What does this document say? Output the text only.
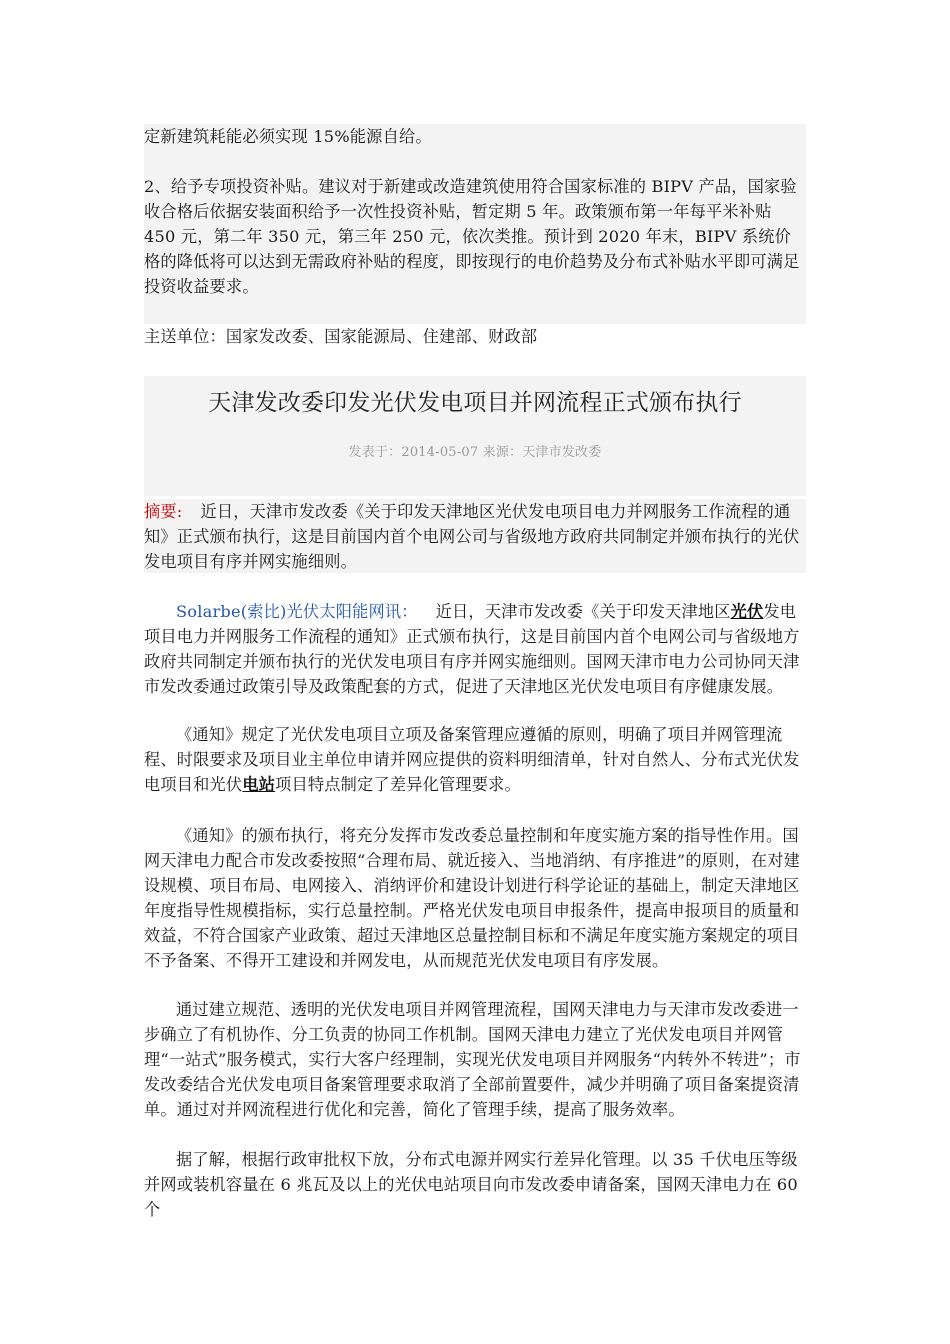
定新建筑耗能必须实现 15%能源自给。

2、给予专项投资补贴。建议对于新建或改造建筑使用符合国家标准的 BIPV 产品，国家验收合格后依据安装面积给予一次性投资补贴，暂定期 5 年。政策颁布第一年每平米补贴 450 元，第二年 350 元，第三年 250 元，依次类推。预计到 2020 年末，BIPV 系统价格的降低将可以达到无需政府补贴的程度，即按现行的电价趋势及分布式补贴水平即可满足投资收益要求。

主送单位：国家发改委、国家能源局、住建部、财政部

天津发改委印发光伏发电项目并网流程正式颁布执行
发表于：2014-05-07 来源：天津市发改委

摘要: 近日，天津市发改委《关于印发天津地区光伏发电项目电力并网服务工作流程的通知》正式颁布执行，这是目前国内首个电网公司与省级地方政府共同制定并颁布执行的光伏发电项目有序并网实施细则。

Solarbe(索比)光伏太阳能网讯： 近日，天津市发改委《关于印发天津地区光伏发电项目电力并网服务工作流程的通知》正式颁布执行，这是目前国内首个电网公司与省级地方政府共同制定并颁布执行的光伏发电项目有序并网实施细则。国网天津市电力公司协同天津市发改委通过政策引导及政策配套的方式，促进了天津地区光伏发电项目有序健康发展。

《通知》规定了光伏发电项目立项及备案管理应遵循的原则，明确了项目并网管理流程、时限要求及项目业主单位申请并网应提供的资料明细清单，针对自然人、分布式光伏发电项目和光伏电站项目特点制定了差异化管理要求。

《通知》的颁布执行，将充分发挥市发改委总量控制和年度实施方案的指导性作用。国网天津电力配合市发改委按照“合理布局、就近接入、当地消纳、有序推进”的原则，在对建设规模、项目布局、电网接入、消纳评价和建设计划进行科学论证的基础上，制定天津地区年度指导性规模指标，实行总量控制。严格光伏发电项目申报条件，提高申报项目的质量和效益，不符合国家产业政策、超过天津地区总量控制目标和不满足年度实施方案规定的项目不予备案、不得开工建设和并网发电，从而规范光伏发电项目有序发展。

通过建立规范、透明的光伏发电项目并网管理流程，国网天津电力与天津市发改委进一步确立了有机协作、分工负责的协同工作机制。国网天津电力建立了光伏发电项目并网管理“一站式”服务模式，实行大客户经理制，实现光伏发电项目并网服务“内转外不转进”；市发改委结合光伏发电项目备案管理要求取消了全部前置要件，减少并明确了项目备案提资清单。通过对并网流程进行优化和完善，简化了管理手续，提高了服务效率。

据了解，根据行政审批权下放，分布式电源并网实行差异化管理。以 35 千伏电压等级并网或装机容量在 6 兆瓦及以上的光伏电站项目向市发改委申请备案，国网天津电力在 60 个
